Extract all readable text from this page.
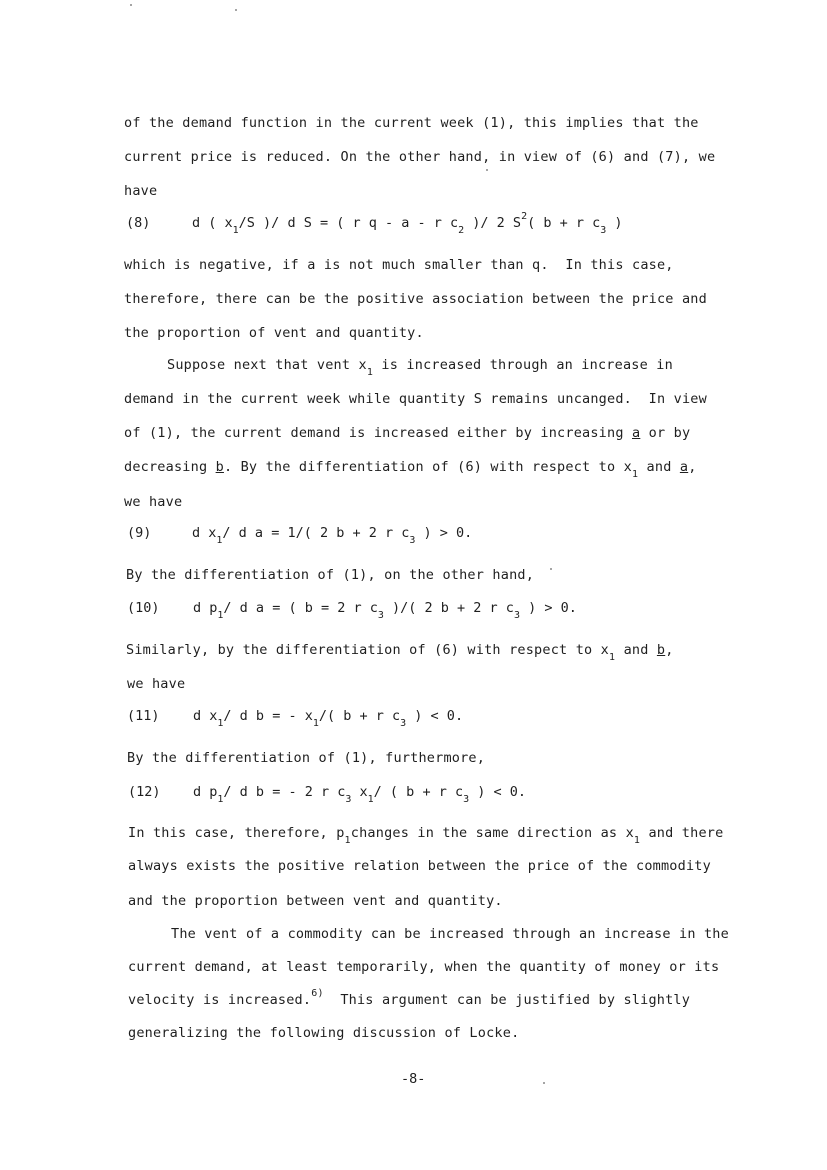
of the demand function in the current week (1), this implies that the
current price is reduced. On the other hand, in view of (6) and (7), we
have
(8)	d ( $x_1/S$ )/ d S = ( r q - a - r $c_2$ )/ 2 $S^2$( b + r $c_3$ )
which is negative, if a is not much smaller than q.  In this case,
therefore, there can be the positive association between the price and
the proportion of vent and quantity.
Suppose next that vent $x_1$ is increased through an increase in
demand in the current week while quantity S remains uncanged.  In view
of (1), the current demand is increased either by increasing a or by
decreasing b. By the differentiation of (6) with respect to $x_1$ and a,
we have
(9)	d $x_1/$ d a = 1/( 2 b + 2 r $c_3$ ) > 0.
By the differentiation of (1), on the other hand,
(10) d $p_1/$ d a = ( b = 2 r $c_3$ )/( 2 b + 2 r $c_3$ ) > 0.
Similarly, by the differentiation of (6) with respect to $x_1$ and b,
we have
(11) d $x_1/$ d b = - $x_1/$( b + r $c_3$ ) < 0.
By the differentiation of (1), furthermore,
(12) d $p_1/$ d b = - 2 r $c_3$ $x_1/$ ( b + r $c_3$ ) < 0.
In this case, therefore, $p_1changes$ in the same direction as $x_1$ and there
always exists the positive relation between the price of the commodity
and the proportion between vent and quantity.
The vent of a commodity can be increased through an increase in the
current demand, at least temporarily, when the quantity of money or its
velocity is increased.$^{6)}$  This argument can be justified by slightly
generalizing the following discussion of Locke.
-8-
